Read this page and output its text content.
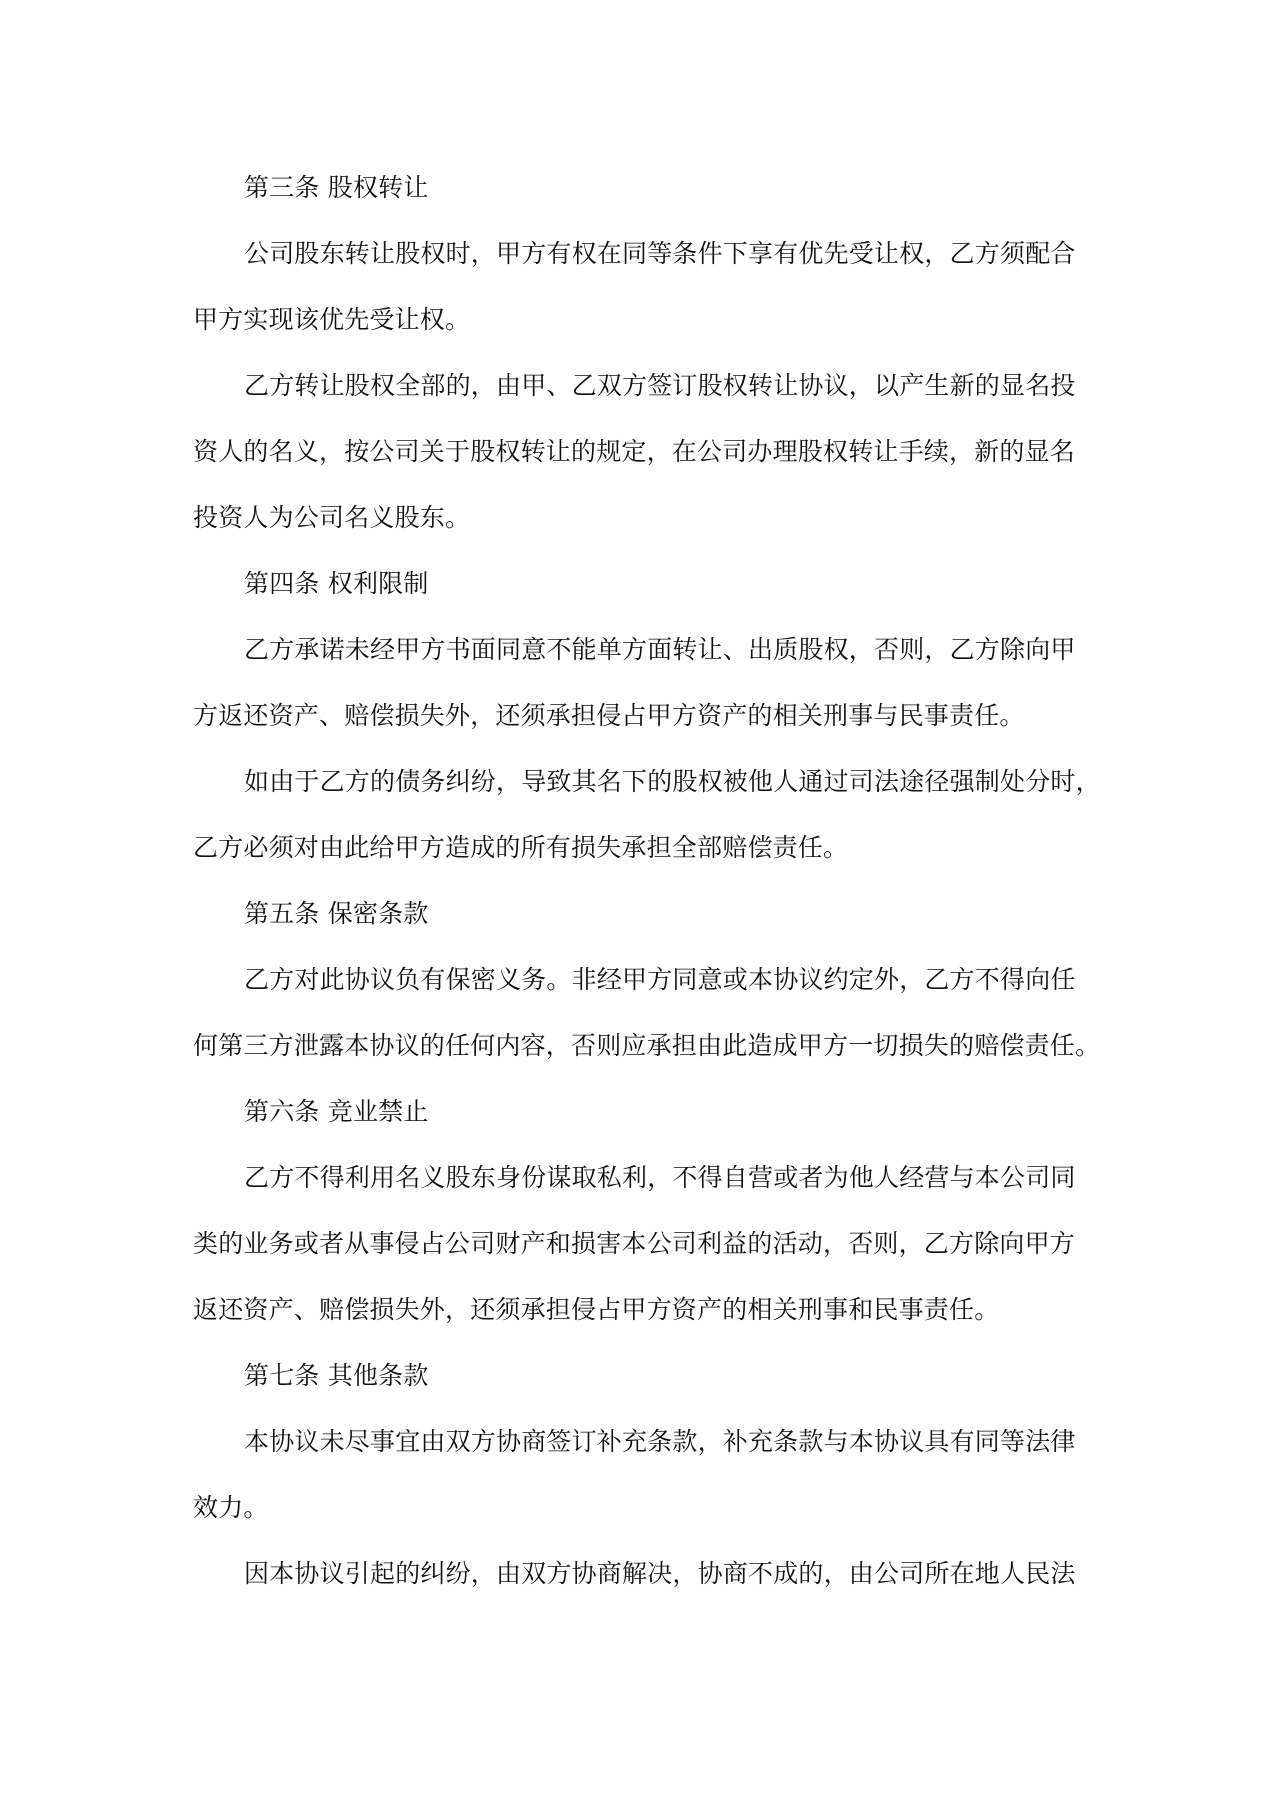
第三条 股权转让
公司股东转让股权时，甲方有权在同等条件下享有优先受让权，乙方须配合
甲方实现该优先受让权。
乙方转让股权全部的，由甲、乙双方签订股权转让协议，以产生新的显名投
资人的名义，按公司关于股权转让的规定，在公司办理股权转让手续，新的显名
投资人为公司名义股东。
第四条 权利限制
乙方承诺未经甲方书面同意不能单方面转让、出质股权，否则，乙方除向甲
方返还资产、赔偿损失外，还须承担侵占甲方资产的相关刑事与民事责任。
如由于乙方的债务纠纷，导致其名下的股权被他人通过司法途径强制处分时，
乙方必须对由此给甲方造成的所有损失承担全部赔偿责任。
第五条 保密条款
乙方对此协议负有保密义务。非经甲方同意或本协议约定外，乙方不得向任
何第三方泄露本协议的任何内容，否则应承担由此造成甲方一切损失的赔偿责任。
第六条 竞业禁止
乙方不得利用名义股东身份谋取私利，不得自营或者为他人经营与本公司同
类的业务或者从事侵占公司财产和损害本公司利益的活动，否则，乙方除向甲方
返还资产、赔偿损失外，还须承担侵占甲方资产的相关刑事和民事责任。
第七条 其他条款
本协议未尽事宜由双方协商签订补充条款，补充条款与本协议具有同等法律
效力。
因本协议引起的纠纷，由双方协商解决，协商不成的，由公司所在地人民法
